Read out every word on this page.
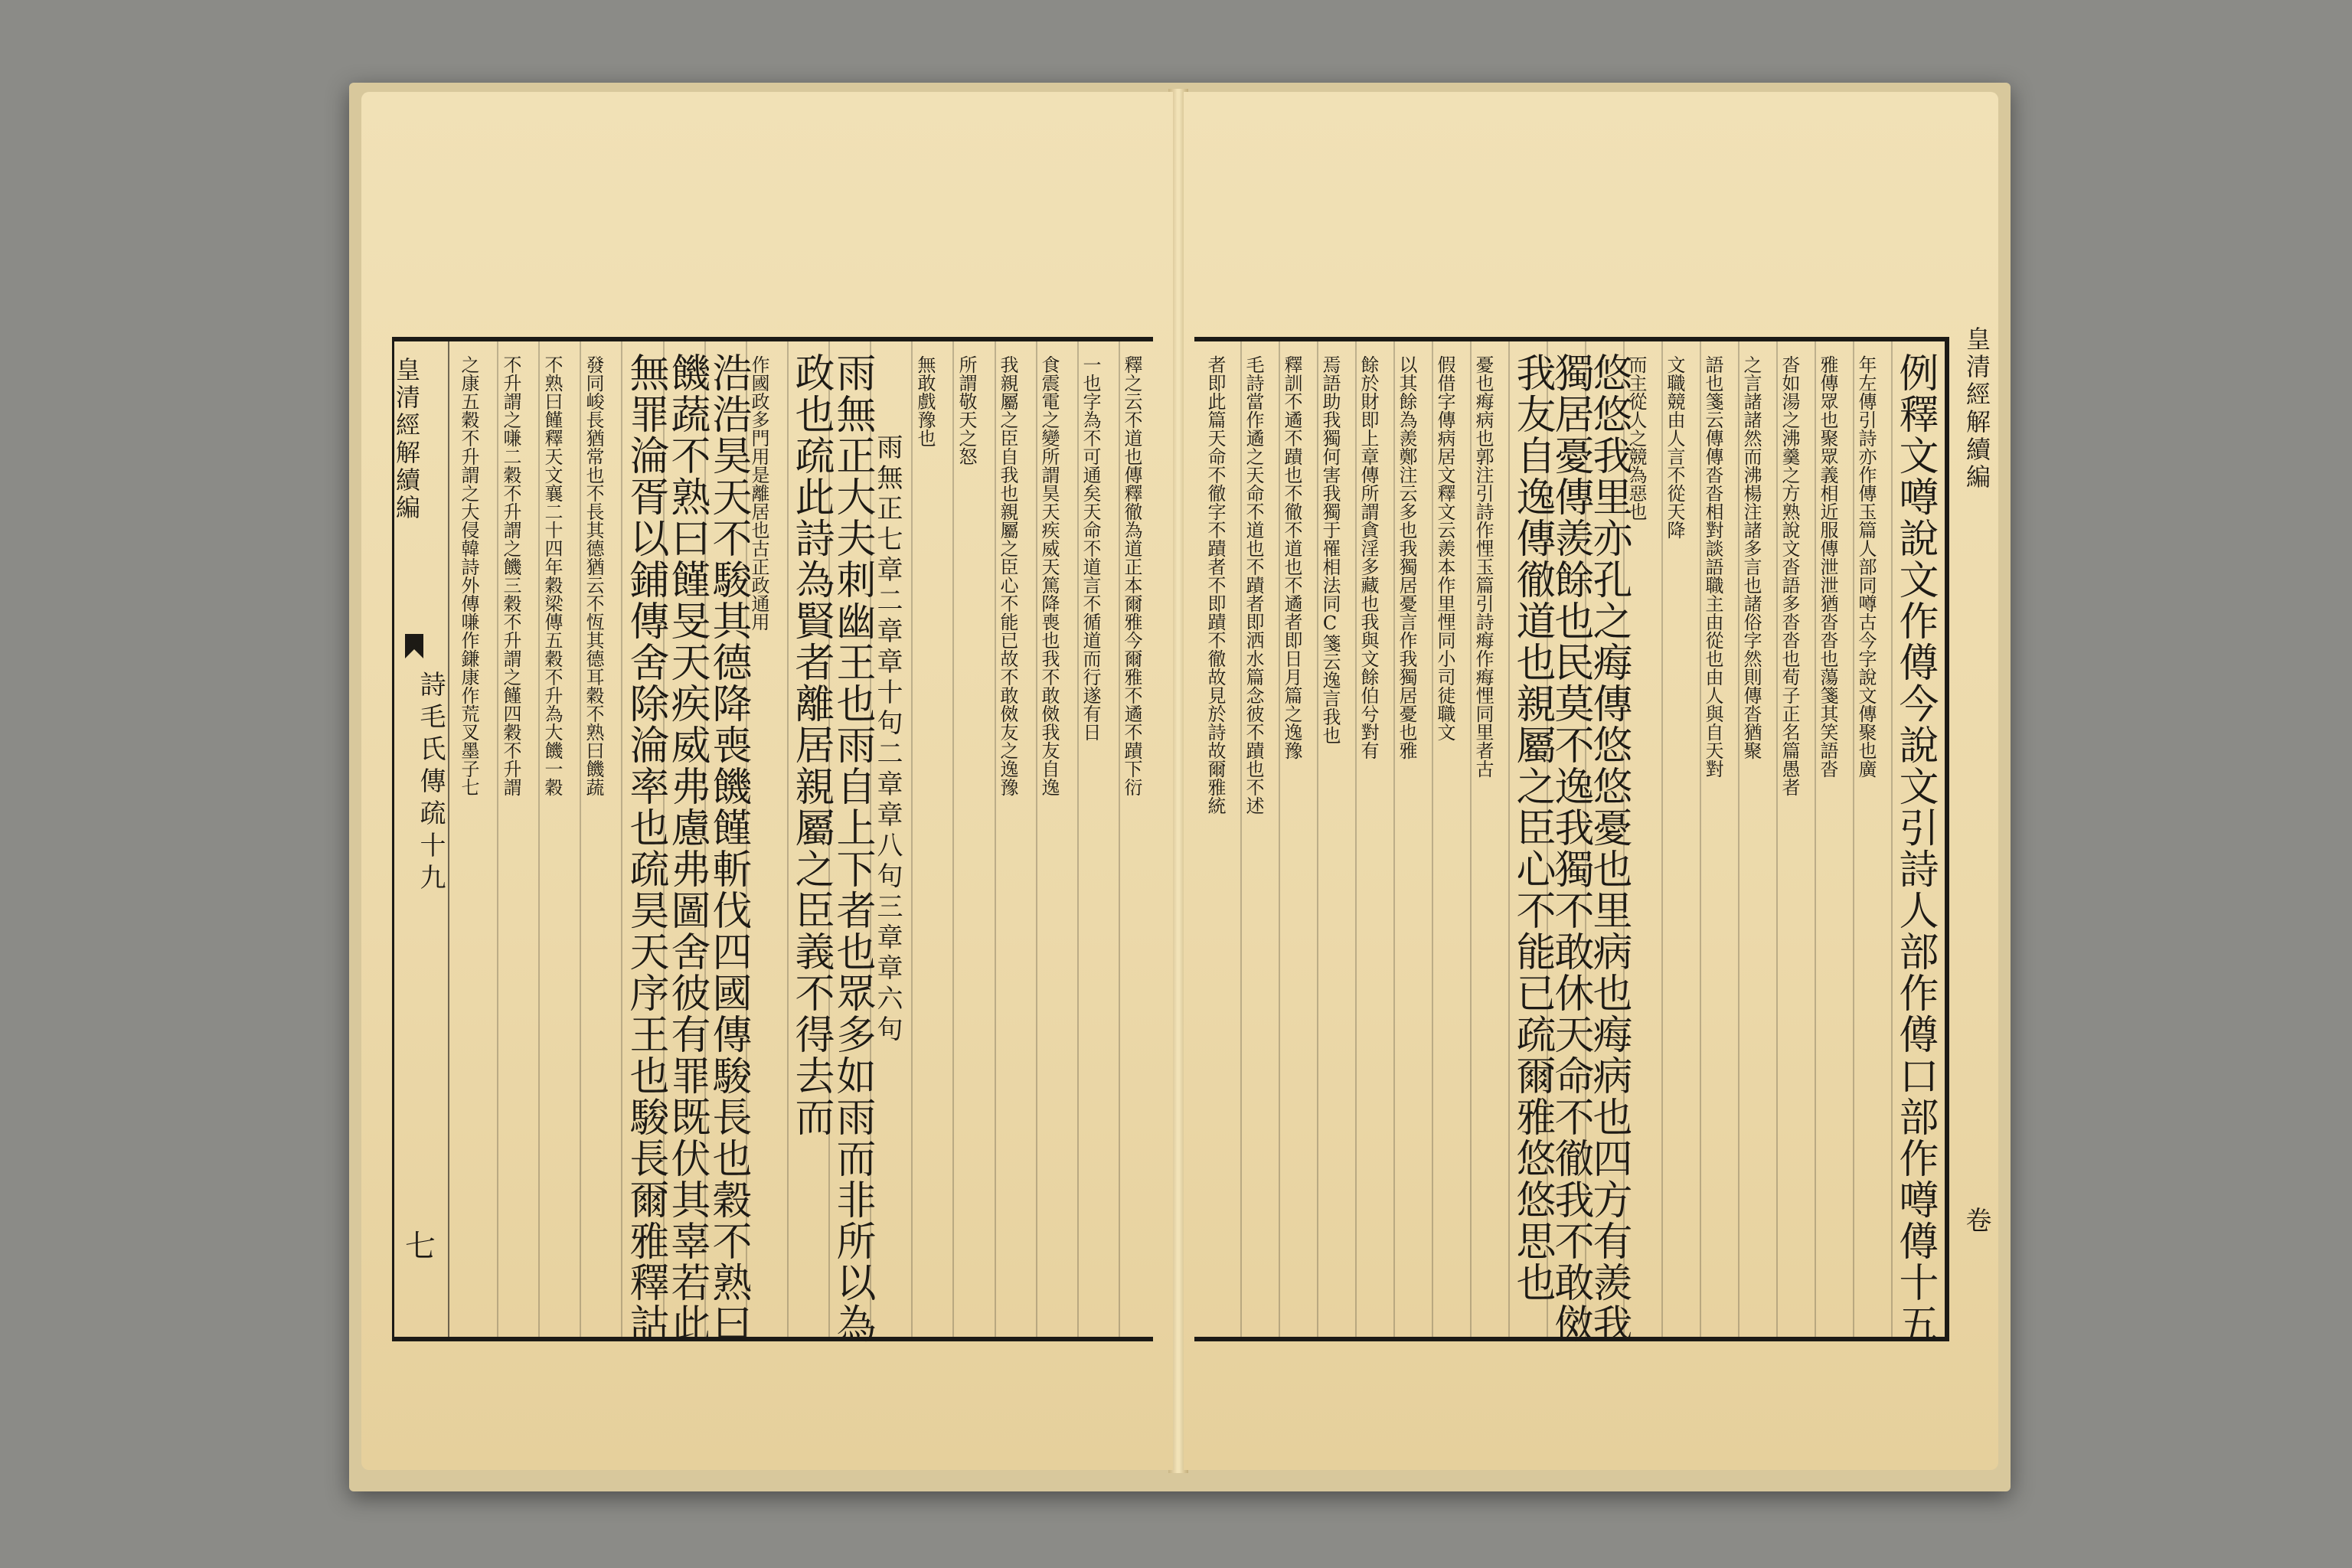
皇清經解續編
詩毛氏傳疏十九
七
釋之云不道也傳釋徹為道正本爾雅今爾雅不遹不蹟下衍
一也字為不可通矣天命不道言不循道而行遂有日
食震電之變所謂昊天疾威天篤降喪也我不敢傚我友自逸
我親屬之臣自我也親屬之臣心不能已故不敢傚友之逸豫
所謂敬天之怒
無敢戲豫也
雨無正七章二章章十句二章章八句三章章六句
雨無正大夫刺幽王也雨自上下者也眾多如雨而非所以為
政也疏此詩為賢者離居親屬之臣義不得去而
作國政多門用是離居也古正政通用
浩浩昊天不駿其德降喪饑饉斬伐四國傳駿長也穀不熟曰
饑蔬不熟曰饉旻天疾威弗慮弗圖舍彼有罪既伏其辜若此
無罪淪胥以鋪傳舍除淪率也疏昊天序王也駿長爾雅釋詁
發同峻長猶常也不長其德猶云不恆其德耳穀不熟曰饑蔬
不熟曰饉釋天文襄二十四年穀梁傳五穀不升為大饑一穀
不升謂之嗛二穀不升謂之饑三穀不升謂之饉四穀不升謂
之康五穀不升謂之大侵韓詩外傳嗛作鎌康作荒叉墨子七	皇清經解續編
卷
例釋文噂說文作僔今說文引詩人部作僔口部作噂僔十五
年左傳引詩亦作傳玉篇人部同噂古今字說文傳聚也廣
雅傳眾也聚眾義相近服傳泄泄猶沓沓也蕩箋其笑語沓
沓如湯之沸羹之方熟說文沓語多沓沓也荀子正名篇愚者
之言諸諸然而沸楊注諸多言也諸俗字然則傳沓猶聚
語也箋云傳傳沓沓相對談語職主由從也由人與自天對
文職競由人言不從天降
而主從人之競為惡也
悠悠我里亦孔之痗傳悠悠憂也里病也痗病也四方有羨我
獨居憂傳羨餘也民莫不逸我獨不敢休天命不徹我不敢傚
我友自逸傳徹道也親屬之臣心不能已疏爾雅悠悠思也
憂也痗病也郭注引詩作悝玉篇引詩痗作痗悝同里者古
假借字傳病居文釋文云羨本作里悝同小司徒職文
以其餘為羨鄭注云多也我獨居憂言作我獨居憂也雅
餘於財即上章傳所謂貪淫多藏也我與文餘伯兮對有
焉語助我獨何害我獨于罹相法同C箋云逸言我也
釋訓不遹不蹟也不徹不道也不遹者即日月篇之逸豫
毛詩當作遹之天命不道也不蹟者即洒水篇念彼不蹟也不述
者即此篇天命不徹字不蹟者不即蹟不徹故見於詩故爾雅統
